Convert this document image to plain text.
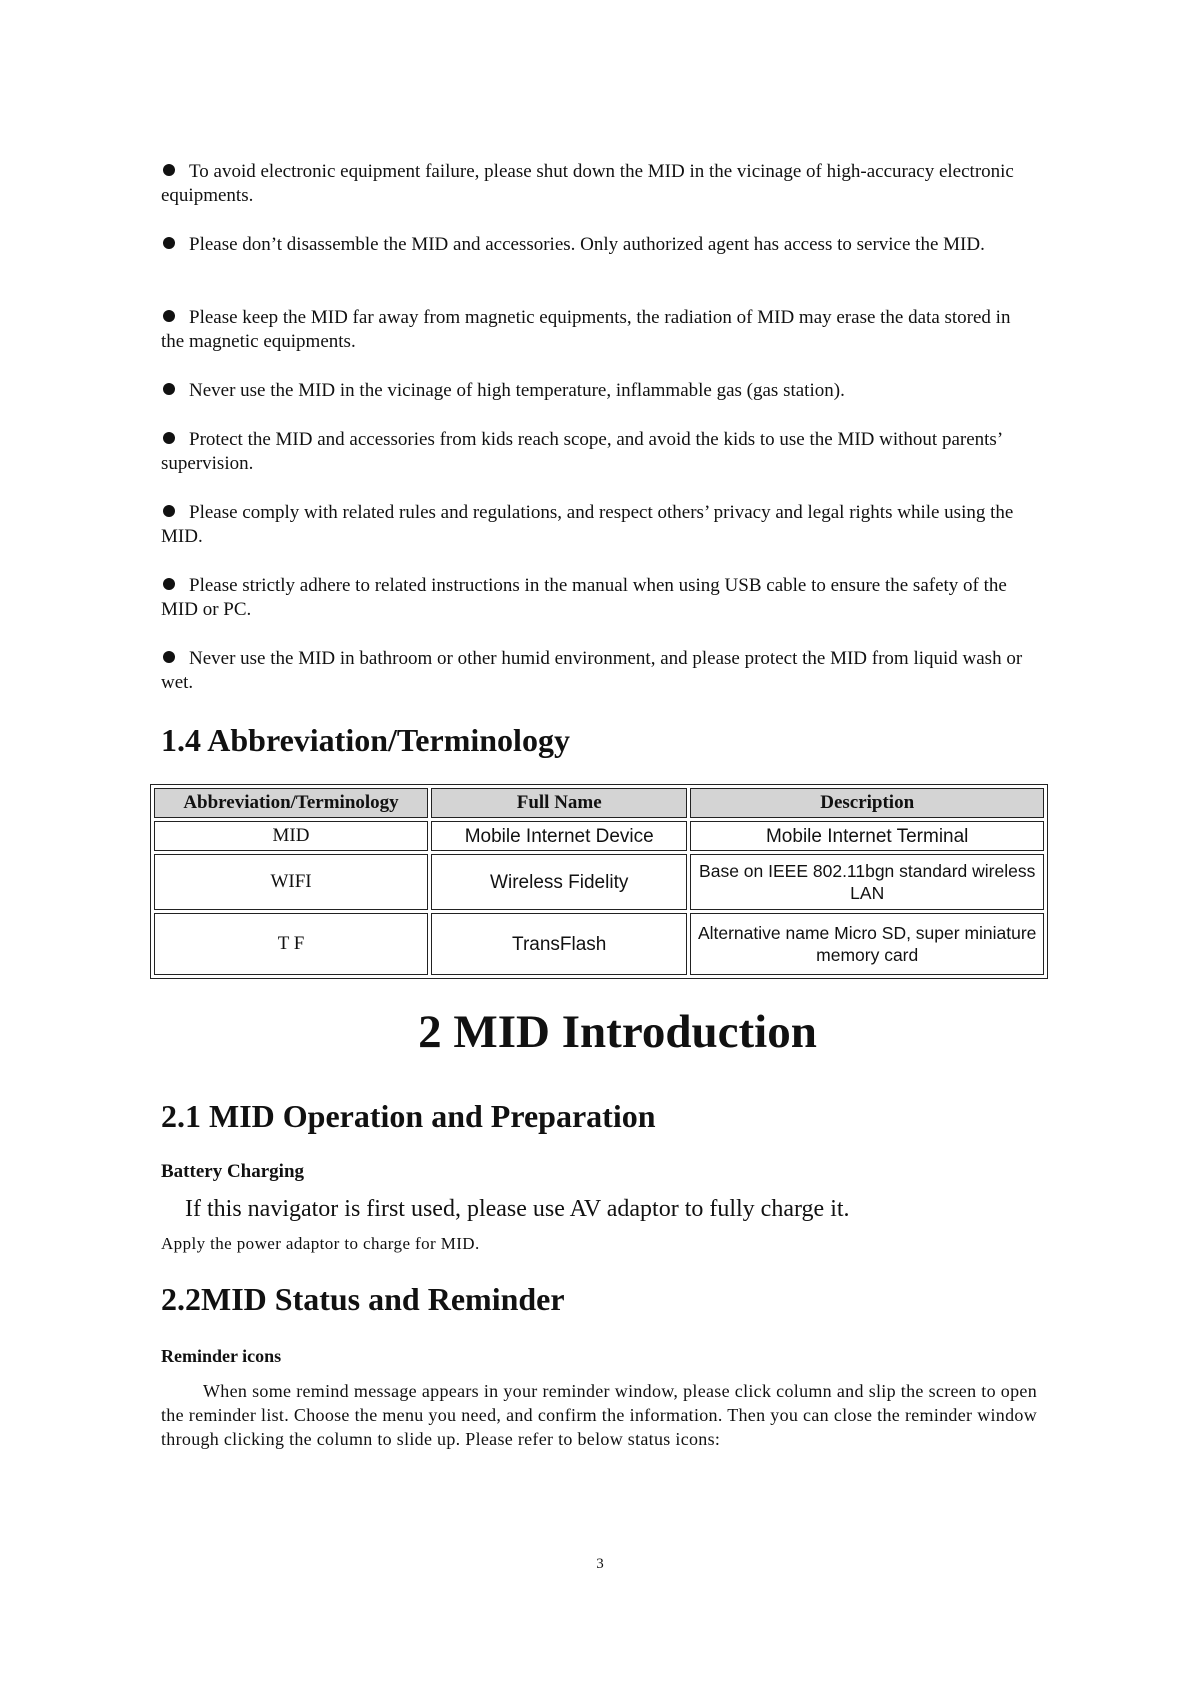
To avoid electronic equipment failure, please shut down the MID in the vicinage of high-accuracy electronic equipments.
Please don’t disassemble the MID and accessories. Only authorized agent has access to service the MID.
Please keep the MID far away from magnetic equipments, the radiation of MID may erase the data stored in the magnetic equipments.
Never use the MID in the vicinage of high temperature, inflammable gas (gas station).
Protect the MID and accessories from kids reach scope, and avoid the kids to use the MID without parents’ supervision.
Please comply with related rules and regulations, and respect others’ privacy and legal rights while using the MID.
Please strictly adhere to related instructions in the manual when using USB cable to ensure the safety of the MID or PC.
Never use the MID in bathroom or other humid environment, and please protect the MID from liquid wash or wet.
1.4 Abbreviation/Terminology
Abbreviation/Terminology	Full Name	Description
MID	Mobile Internet Device	Mobile Internet Terminal
WIFI	Wireless Fidelity	Base on IEEE 802.11bgn standard wireless LAN
T F	TransFlash	Alternative name Micro SD, super miniature memory card
2 MID Introduction
2.1 MID Operation and Preparation
Battery Charging

If this navigator is first used, please use AV adaptor to fully charge it.

Apply the power adaptor to charge for MID.

2.2MID Status and Reminder
Reminder icons

When some remind message appears in your reminder window, please click column and slip the screen to open the reminder list. Choose the menu you need, and confirm the information. Then you can close the reminder window through clicking the column to slide up. Please refer to below status icons:

3
